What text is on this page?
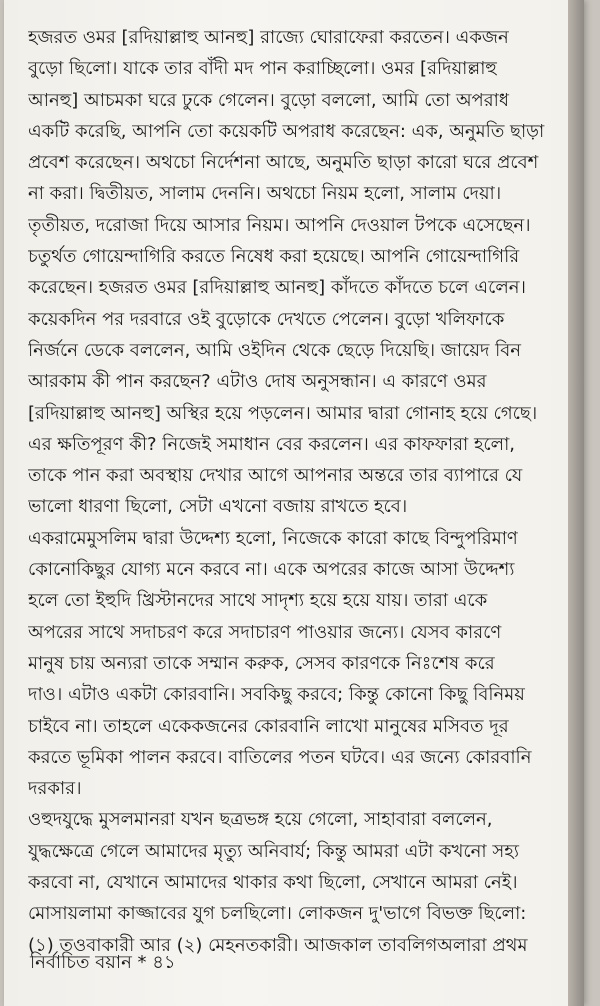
হজরত ওমর [রদিয়াল্লাহু আনহু] রাজ্যে ঘোরাফেরা করতেন। একজন
বুড়ো ছিলো। যাকে তার বাঁদী মদ পান করাচ্ছিলো। ওমর [রদিয়াল্লাহু
আনহু] আচমকা ঘরে ঢুকে গেলেন। বুড়ো বললো, আমি তো অপরাধ
একটি করেছি, আপনি তো কয়েকটি অপরাধ করেছেন: এক, অনুমতি ছাড়া
প্রবেশ করেছেন। অথচো নির্দেশনা আছে, অনুমতি ছাড়া কারো ঘরে প্রবেশ
না করা। দ্বিতীয়ত, সালাম দেননি। অথচো নিয়ম হলো, সালাম দেয়া।
তৃতীয়ত, দরোজা দিয়ে আসার নিয়ম। আপনি দেওয়াল টপকে এসেছেন।
চতুর্থত গোয়েন্দাগিরি করতে নিষেধ করা হয়েছে। আপনি গোয়েন্দাগিরি
করেছেন। হজরত ওমর [রদিয়াল্লাহু আনহু] কাঁদতে কাঁদতে চলে এলেন।
কয়েকদিন পর দরবারে ওই বুড়োকে দেখতে পেলেন। বুড়ো খলিফাকে
নির্জনে ডেকে বললেন, আমি ওইদিন থেকে ছেড়ে দিয়েছি। জায়েদ বিন
আরকাম কী পান করছেন? এটাও দোষ অনুসন্ধান। এ কারণে ওমর
[রদিয়াল্লাহু আনহু] অস্থির হয়ে পড়লেন। আমার দ্বারা গোনাহ হয়ে গেছে।
এর ক্ষতিপূরণ কী? নিজেই সমাধান বের করলেন। এর কাফফারা হলো,
তাকে পান করা অবস্থায় দেখার আগে আপনার অন্তরে তার ব্যাপারে যে
ভালো ধারণা ছিলো, সেটা এখনো বজায় রাখতে হবে।

একরামেমুসলিম দ্বারা উদ্দেশ্য হলো, নিজেকে কারো কাছে বিন্দুপরিমাণ
কোনোকিছুর যোগ্য মনে করবে না। একে অপরের কাজে আসা উদ্দেশ্য
হলে তো ইহুদি খ্রিস্টানদের সাথে সাদৃশ্য হয়ে হয়ে যায়। তারা একে
অপরের সাথে সদাচরণ করে সদাচারণ পাওয়ার জন্যে। যেসব কারণে
মানুষ চায় অন্যরা তাকে সম্মান করুক, সেসব কারণকে নিঃশেষ করে
দাও। এটাও একটা কোরবানি। সবকিছু করবে; কিন্তু কোনো কিছু বিনিময়
চাইবে না। তাহলে একেকজনের কোরবানি লাখো মানুষের মসিবত দূর
করতে ভূমিকা পালন করবে। বাতিলের পতন ঘটবে। এর জন্যে কোরবানি
দরকার।

ওহুদযুদ্ধে মুসলমানরা যখন ছত্রভঙ্গ হয়ে গেলো, সাহাবারা বললেন,
যুদ্ধক্ষেত্রে গেলে আমাদের মৃত্যু অনিবার্য; কিন্তু আমরা এটা কখনো সহ্য
করবো না, যেখানে আমাদের থাকার কথা ছিলো, সেখানে আমরা নেই।

মোসায়লামা কাজ্জাবের যুগ চলছিলো। লোকজন দু'ভাগে বিভক্ত ছিলো:
(১) তওবাকারী আর (২) মেহনতকারী। আজকাল তাবলিগঅলারা প্রথম

নির্বাচিত বয়ান * ৪১
